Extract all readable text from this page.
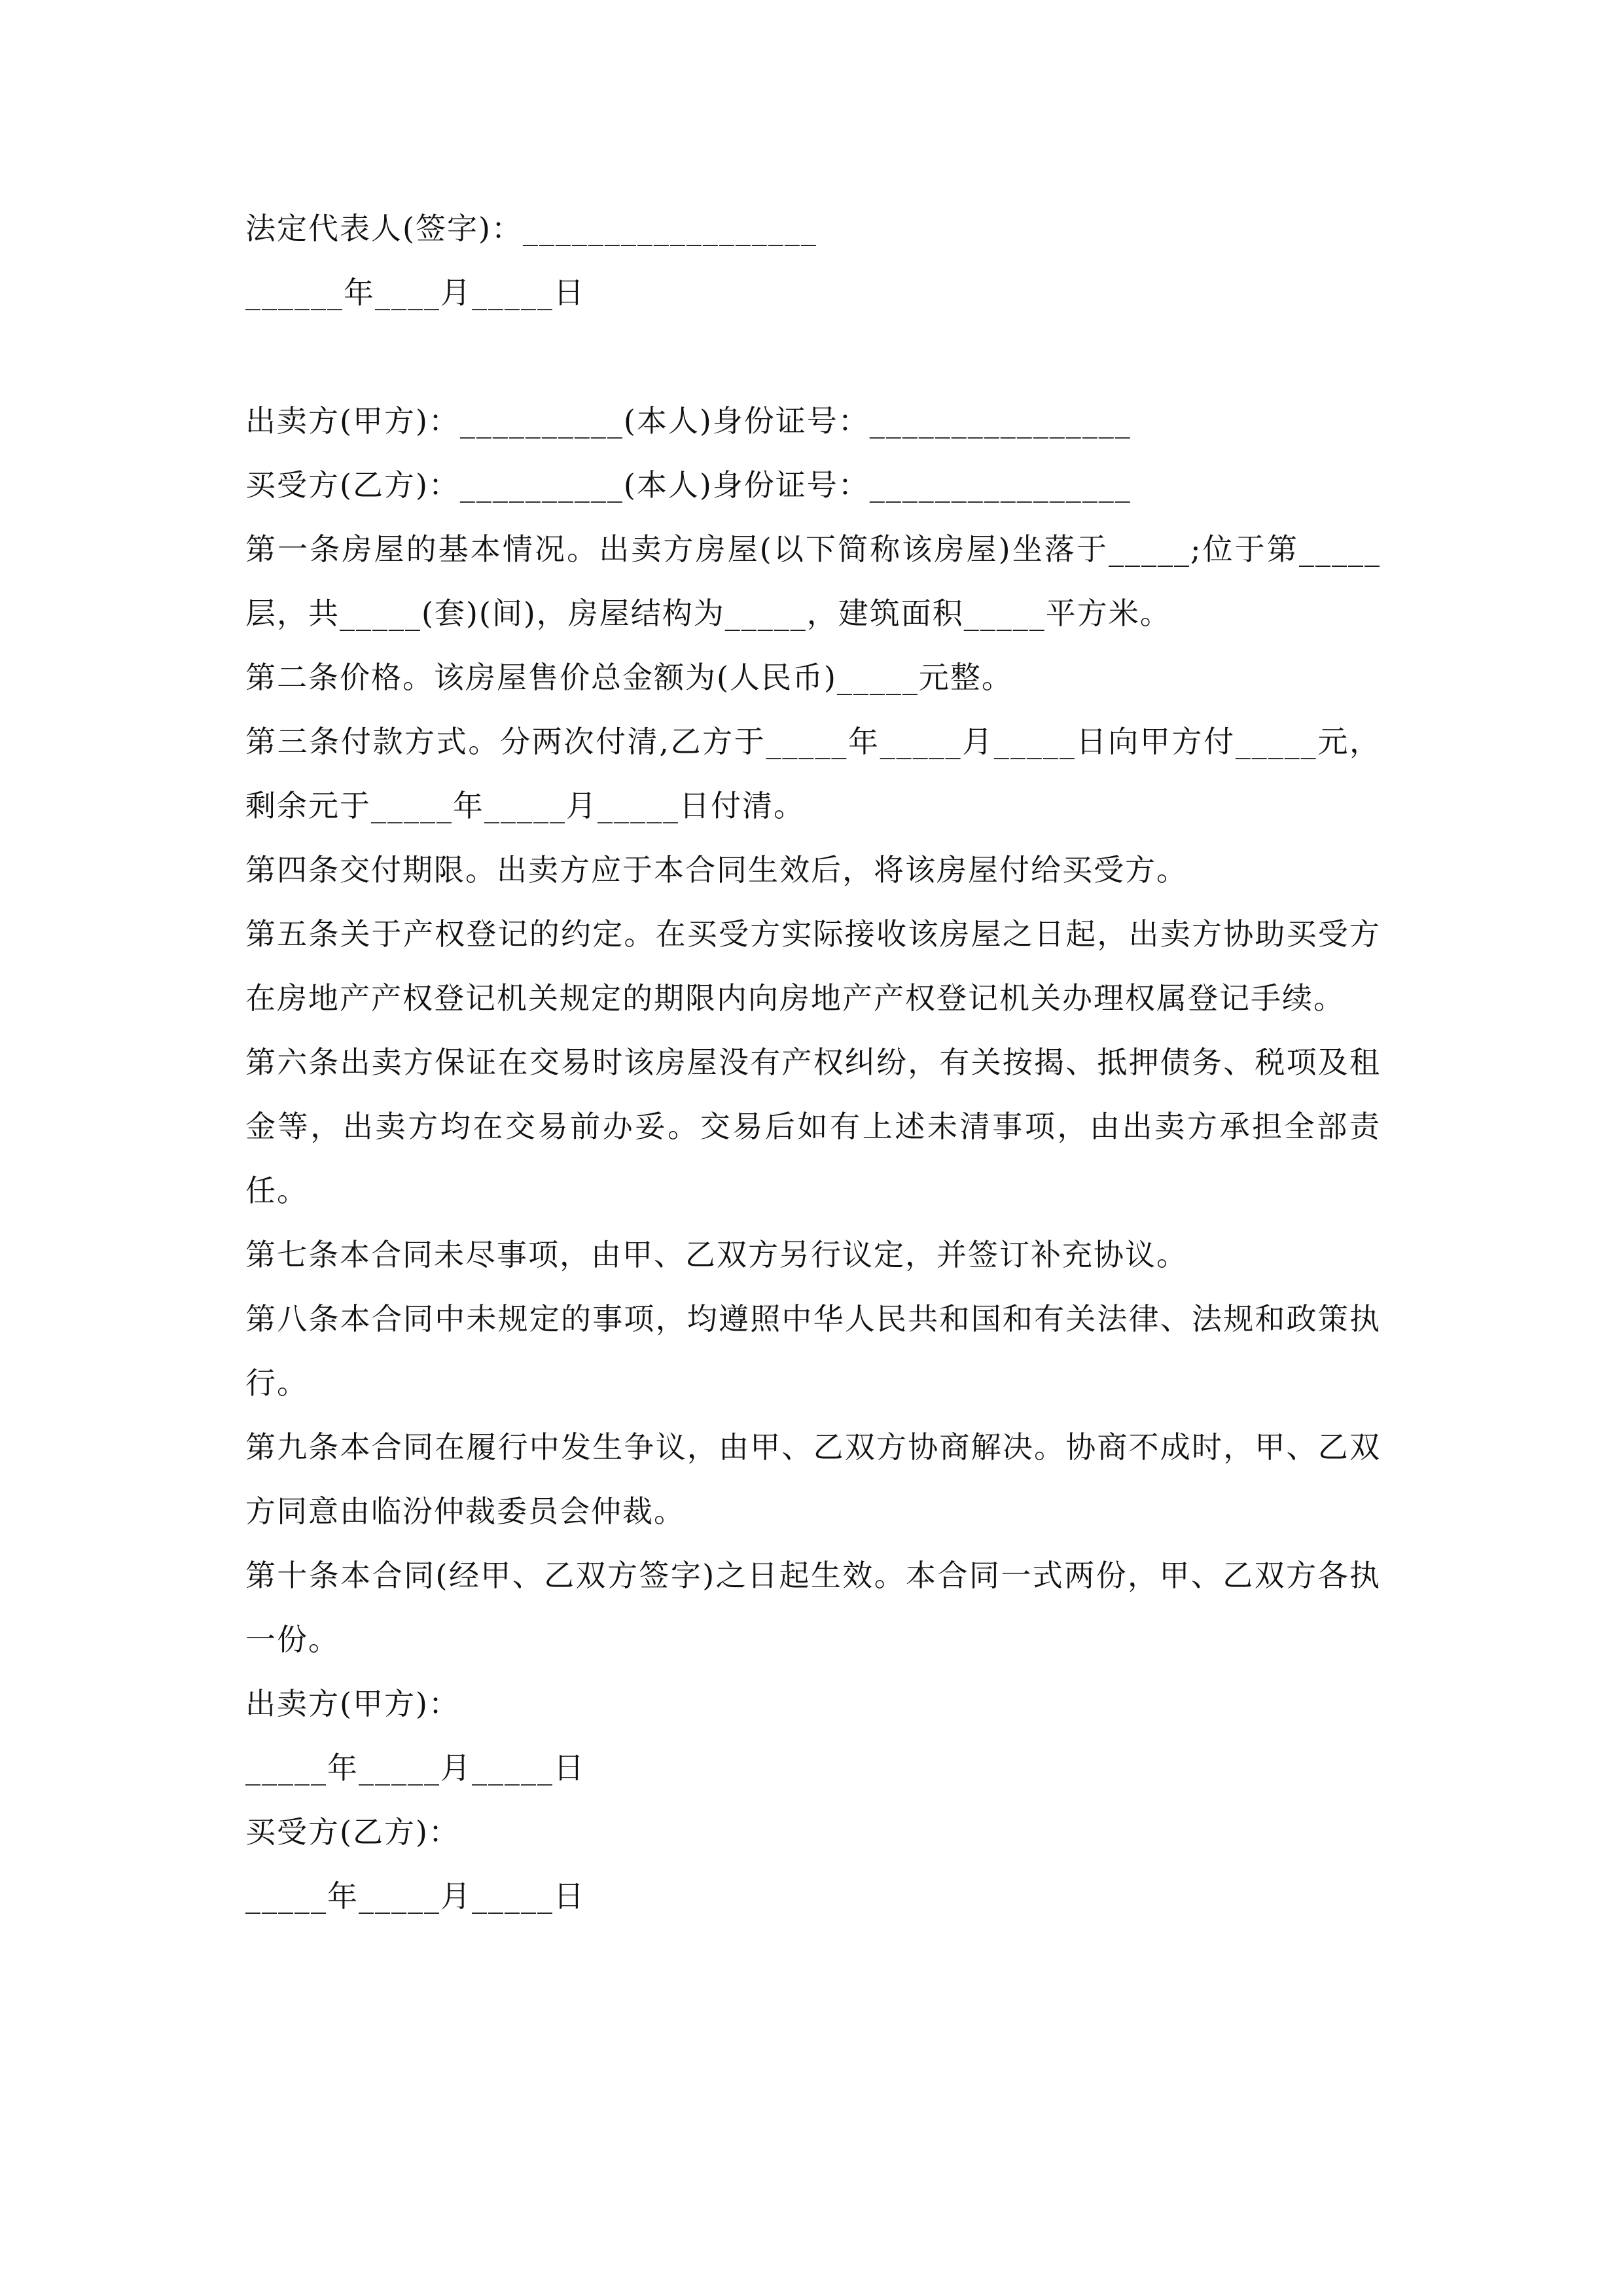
法定代表人(签字)：__________________

______年____月_____日

出卖方(甲方)：__________(本人)身份证号：________________

买受方(乙方)：__________(本人)身份证号：________________

第一条房屋的基本情况。出卖方房屋(以下简称该房屋)坐落于_____;位于第_____层，共_____(套)(间)，房屋结构为_____，建筑面积_____平方米。

第二条价格。该房屋售价总金额为(人民币)_____元整。

第三条付款方式。分两次付清,乙方于_____年_____月_____日向甲方付_____元，剩余元于_____年_____月_____日付清。

第四条交付期限。出卖方应于本合同生效后，将该房屋付给买受方。

第五条关于产权登记的约定。在买受方实际接收该房屋之日起，出卖方协助买受方在房地产产权登记机关规定的期限内向房地产产权登记机关办理权属登记手续。

第六条出卖方保证在交易时该房屋没有产权纠纷，有关按揭、抵押债务、税项及租金等，出卖方均在交易前办妥。交易后如有上述未清事项，由出卖方承担全部责任。

第七条本合同未尽事项，由甲、乙双方另行议定，并签订补充协议。

第八条本合同中未规定的事项，均遵照中华人民共和国和有关法律、法规和政策执行。

第九条本合同在履行中发生争议，由甲、乙双方协商解决。协商不成时，甲、乙双方同意由临汾仲裁委员会仲裁。

第十条本合同(经甲、乙双方签字)之日起生效。本合同一式两份，甲、乙双方各执一份。

出卖方(甲方)：

_____年_____月_____日

买受方(乙方)：

_____年_____月_____日
